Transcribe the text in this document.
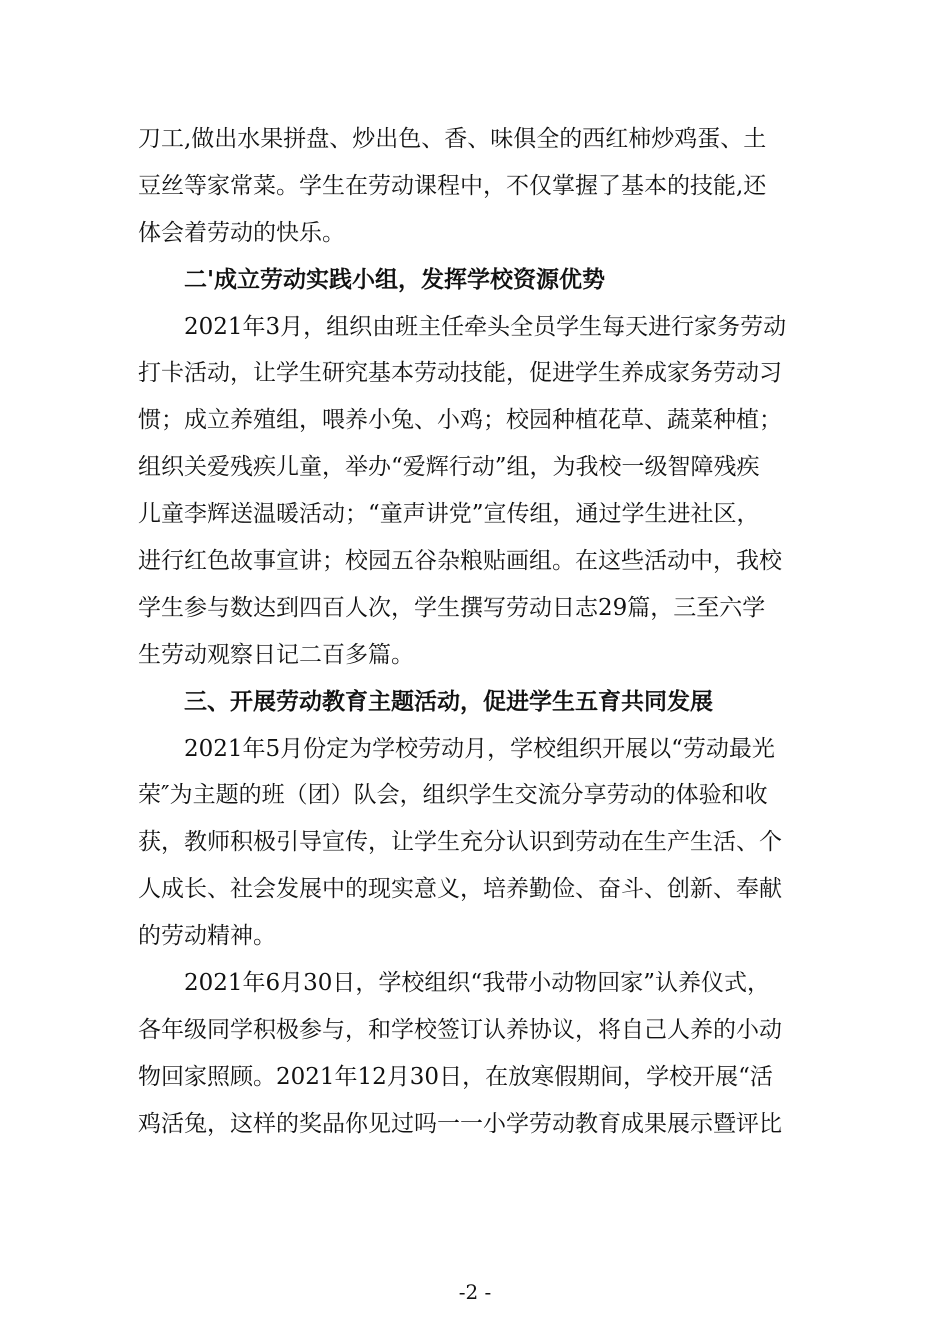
刀工,做出水果拼盘、炒出色、香、味俱全的西红柿炒鸡蛋、土
豆丝等家常菜。学生在劳动课程中，不仅掌握了基本的技能,还
体会着劳动的快乐。
二'成立劳动实践小组，发挥学校资源优势
2021年3月，组织由班主任牵头全员学生每天进行家务劳动
打卡活动，让学生研究基本劳动技能，促进学生养成家务劳动习
惯；成立养殖组，喂养小兔、小鸡；校园种植花草、蔬菜种植；
组织关爱残疾儿童，举办“爱辉行动”组，为我校一级智障残疾
儿童李辉送温暖活动；“童声讲党”宣传组，通过学生进社区，
进行红色故事宣讲；校园五谷杂粮贴画组。在这些活动中，我校
学生参与数达到四百人次，学生撰写劳动日志29篇，三至六学
生劳动观察日记二百多篇。
三、开展劳动教育主题活动，促进学生五育共同发展
2021年5月份定为学校劳动月，学校组织开展以“劳动最光
荣″为主题的班（团）队会，组织学生交流分享劳动的体验和收
获，教师积极引导宣传，让学生充分认识到劳动在生产生活、个
人成长、社会发展中的现实意义，培养勤俭、奋斗、创新、奉献
的劳动精神。
2021年6月30日，学校组织“我带小动物回家”认养仪式，
各年级同学积极参与，和学校签订认养协议，将自己人养的小动
物回家照顾。2021年12月30日，在放寒假期间，学校开展“活
鸡活兔，这样的奖品你见过吗一一小学劳动教育成果展示暨评比
-2 -
